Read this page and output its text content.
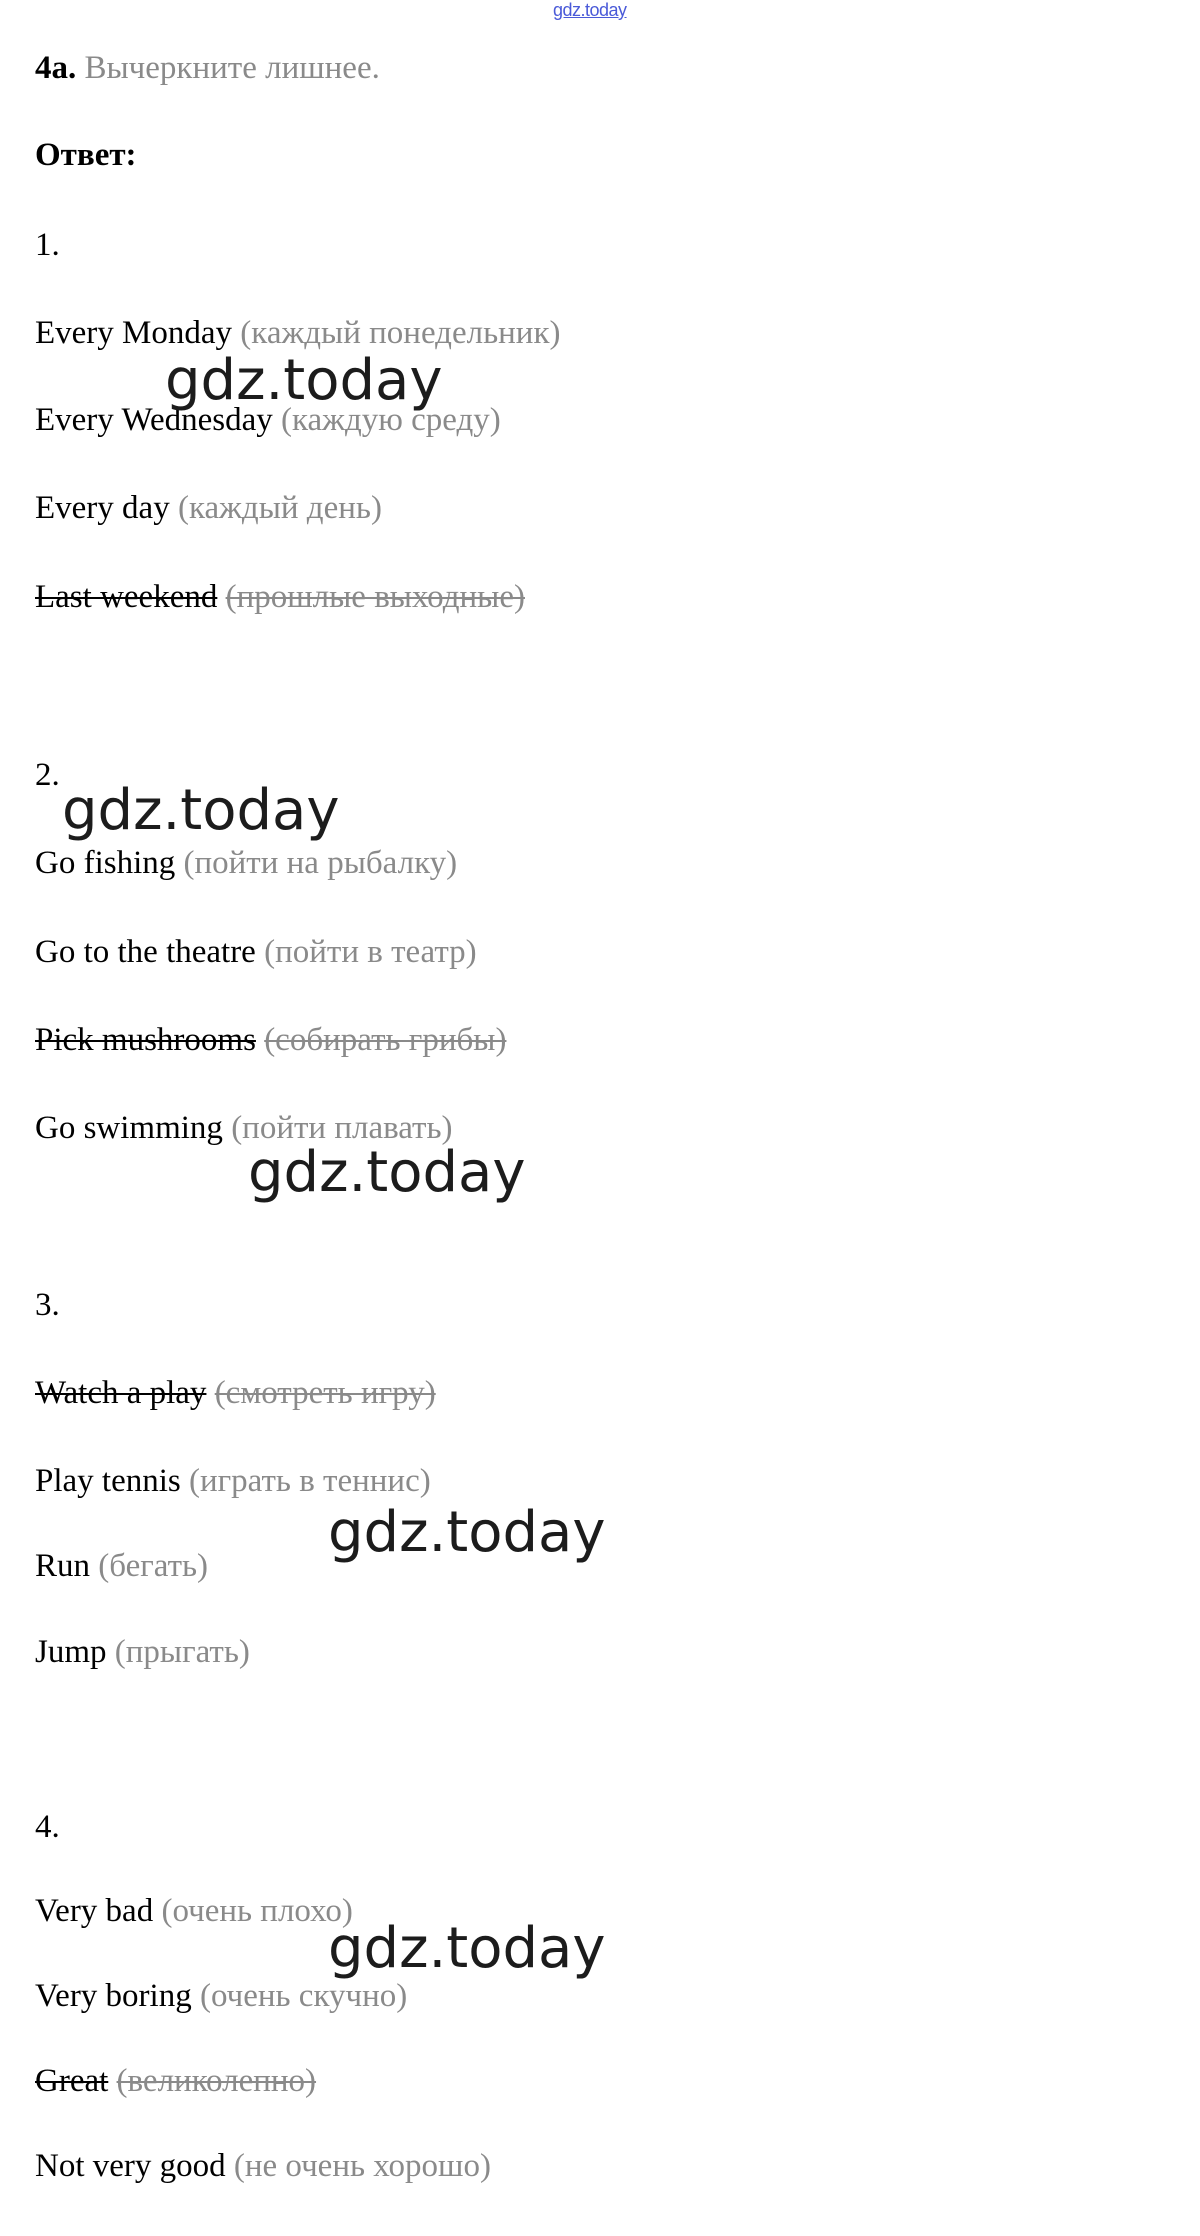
gdz.today
4a. Вычеркните лишнее.
Ответ:
1.
Every Monday (каждый понедельник)
Every Wednesday (каждую среду)
Every day (каждый день)
Last weekend (прошлые выходные)
2.
Go fishing (пойти на рыбалку)
Go to the theatre (пойти в театр)
Pick mushrooms (собирать грибы)
Go swimming (пойти плавать)
3.
Watch a play (смотреть игру)
Play tennis (играть в теннис)
Run (бегать)
Jump (прыгать)
4.
Very bad (очень плохо)
Very boring (очень скучно)
Great (великолепно)
Not very good (не очень хорошо)
gdz.today
gdz.today
gdz.today
gdz.today
gdz.today
